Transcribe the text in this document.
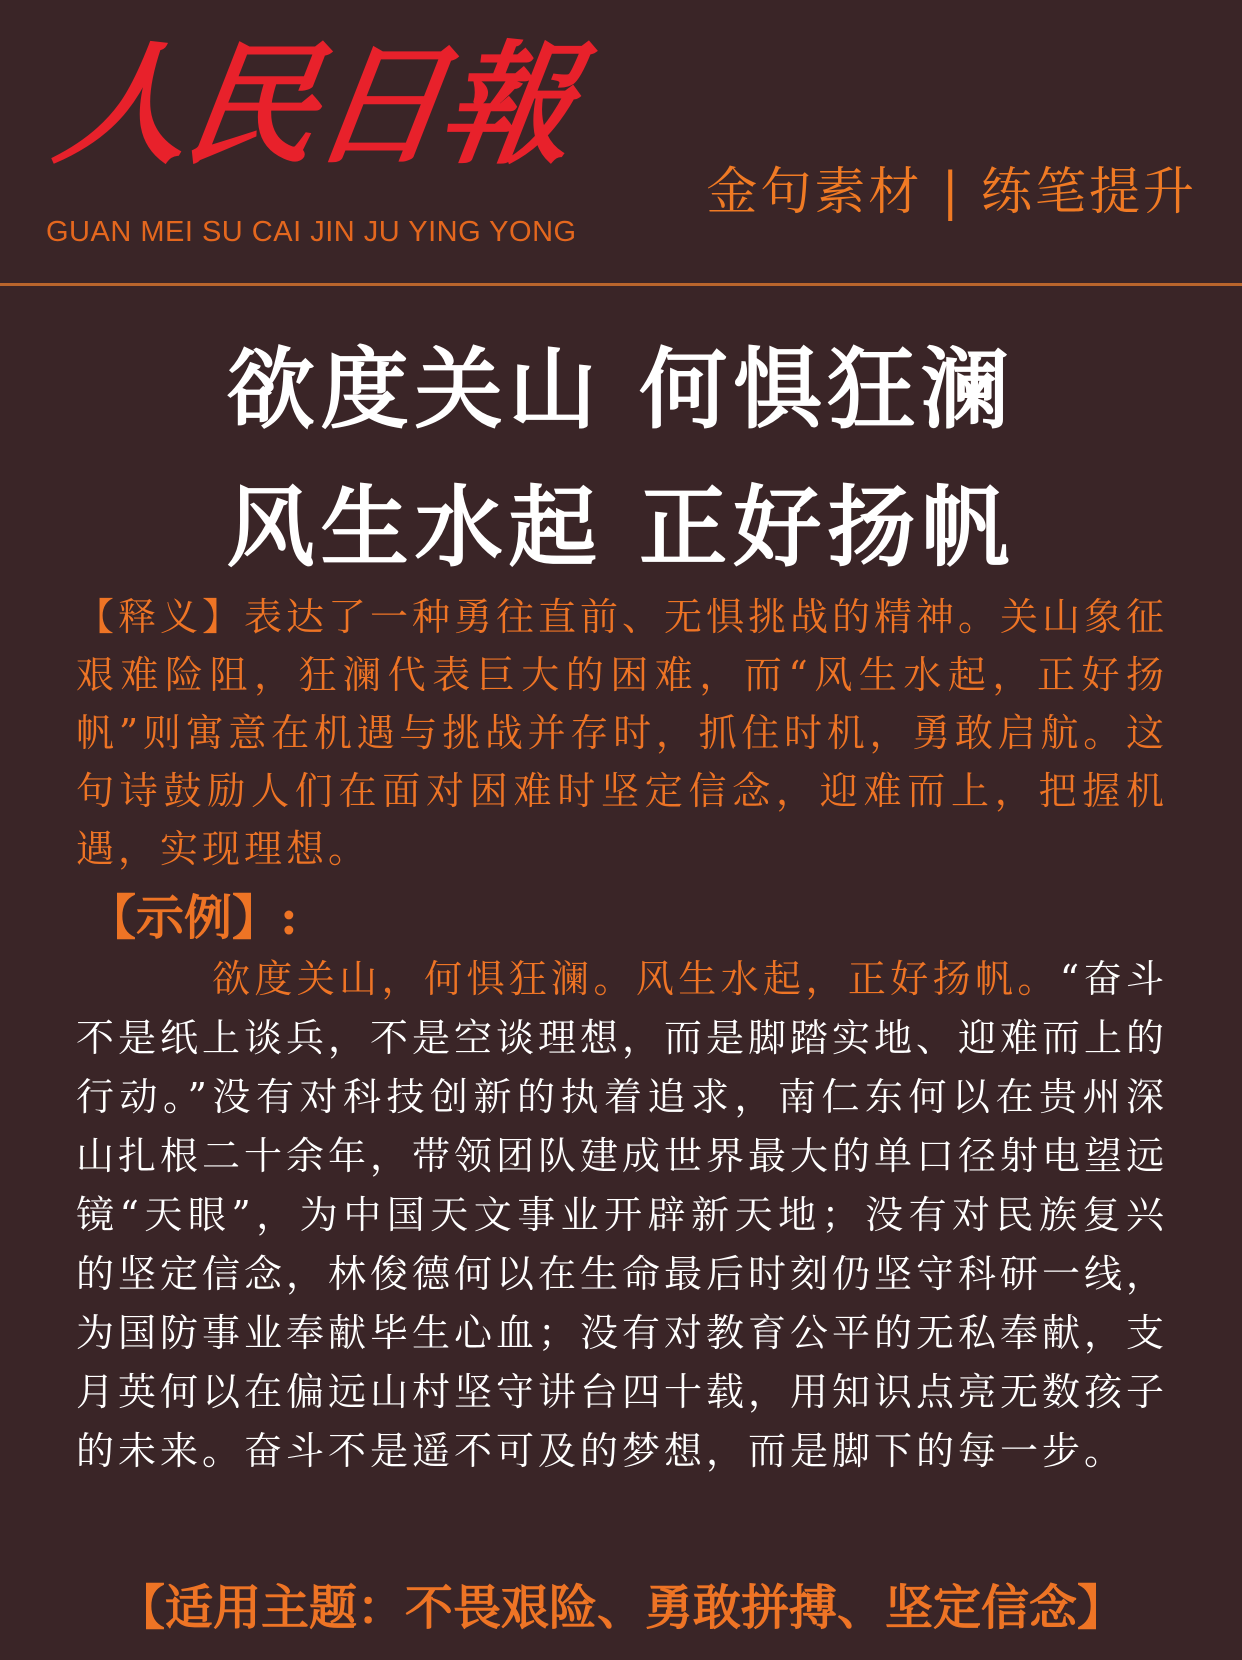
人民日報
GUAN MEI SU CAI JIN JU YING YONG
金句素材 | 练笔提升
欲度关山 何惧狂澜
风生水起 正好扬帆
【释义】表达了一种勇往直前、无惧挑战的精神。关山象征艰难险阻，狂澜代表巨大的困难，而“风生水起，正好扬帆”则寓意在机遇与挑战并存时，抓住时机，勇敢启航。这句诗鼓励人们在面对困难时坚定信念，迎难而上，把握机遇，实现理想。
【示例】:
欲度关山，何惧狂澜。风生水起，正好扬帆。“奋斗不是纸上谈兵，不是空谈理想，而是脚踏实地、迎难而上的行动。”没有对科技创新的执着追求，南仁东何以在贵州深山扎根二十余年，带领团队建成世界最大的单口径射电望远镜“天眼”，为中国天文事业开辟新天地；没有对民族复兴的坚定信念，林俊德何以在生命最后时刻仍坚守科研一线，为国防事业奉献毕生心血；没有对教育公平的无私奉献，支月英何以在偏远山村坚守讲台四十载，用知识点亮无数孩子的未来。奋斗不是遥不可及的梦想，而是脚下的每一步。
【适用主题：不畏艰险、勇敢拼搏、坚定信念】
